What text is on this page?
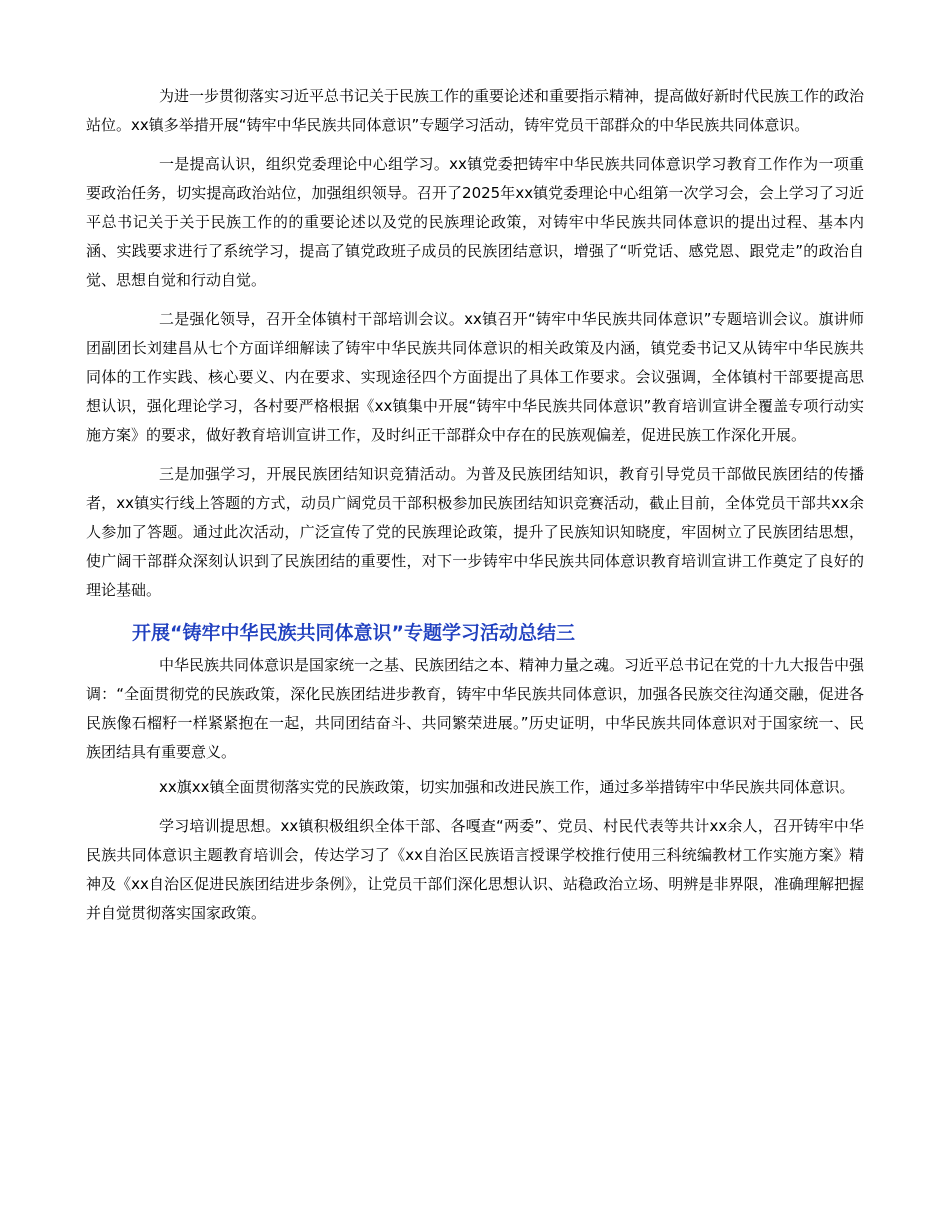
为进一步贯彻落实习近平总书记关于民族工作的重要论述和重要指示精神，提高做好新时代民族工作的政治站位。xx镇多举措开展“铸牢中华民族共同体意识”专题学习活动，铸牢党员干部群众的中华民族共同体意识。

一是提高认识，组织党委理论中心组学习。xx镇党委把铸牢中华民族共同体意识学习教育工作作为一项重要政治任务，切实提高政治站位，加强组织领导。召开了2025年xx镇党委理论中心组第一次学习会，会上学习了习近平总书记关于关于民族工作的的重要论述以及党的民族理论政策，对铸牢中华民族共同体意识的提出过程、基本内涵、实践要求进行了系统学习，提高了镇党政班子成员的民族团结意识，增强了“听党话、感党恩、跟党走”的政治自觉、思想自觉和行动自觉。

二是强化领导，召开全体镇村干部培训会议。xx镇召开“铸牢中华民族共同体意识”专题培训会议。旗讲师团副团长刘建昌从七个方面详细解读了铸牢中华民族共同体意识的相关政策及内涵，镇党委书记又从铸牢中华民族共同体的工作实践、核心要义、内在要求、实现途径四个方面提出了具体工作要求。会议强调，全体镇村干部要提高思想认识，强化理论学习，各村要严格根据《xx镇集中开展“铸牢中华民族共同体意识”教育培训宣讲全覆盖专项行动实施方案》的要求，做好教育培训宣讲工作，及时纠正干部群众中存在的民族观偏差，促进民族工作深化开展。

三是加强学习，开展民族团结知识竞猜活动。为普及民族团结知识，教育引导党员干部做民族团结的传播者，xx镇实行线上答题的方式，动员广阔党员干部积极参加民族团结知识竞赛活动，截止目前，全体党员干部共xx余人参加了答题。通过此次活动，广泛宣传了党的民族理论政策，提升了民族知识知晓度，牢固树立了民族团结思想，使广阔干部群众深刻认识到了民族团结的重要性，对下一步铸牢中华民族共同体意识教育培训宣讲工作奠定了良好的理论基础。

开展“铸牢中华民族共同体意识”专题学习活动总结三

中华民族共同体意识是国家统一之基、民族团结之本、精神力量之魂。习近平总书记在党的十九大报告中强调：“全面贯彻党的民族政策，深化民族团结进步教育，铸牢中华民族共同体意识，加强各民族交往沟通交融，促进各民族像石榴籽一样紧紧抱在一起，共同团结奋斗、共同繁荣进展。”历史证明，中华民族共同体意识对于国家统一、民族团结具有重要意义。

xx旗xx镇全面贯彻落实党的民族政策，切实加强和改进民族工作，通过多举措铸牢中华民族共同体意识。

学习培训提思想。xx镇积极组织全体干部、各嘎查“两委”、党员、村民代表等共计xx余人，召开铸牢中华民族共同体意识主题教育培训会，传达学习了《xx自治区民族语言授课学校推行使用三科统编教材工作实施方案》精神及《xx自治区促进民族团结进步条例》，让党员干部们深化思想认识、站稳政治立场、明辨是非界限，准确理解把握并自觉贯彻落实国家政策。
